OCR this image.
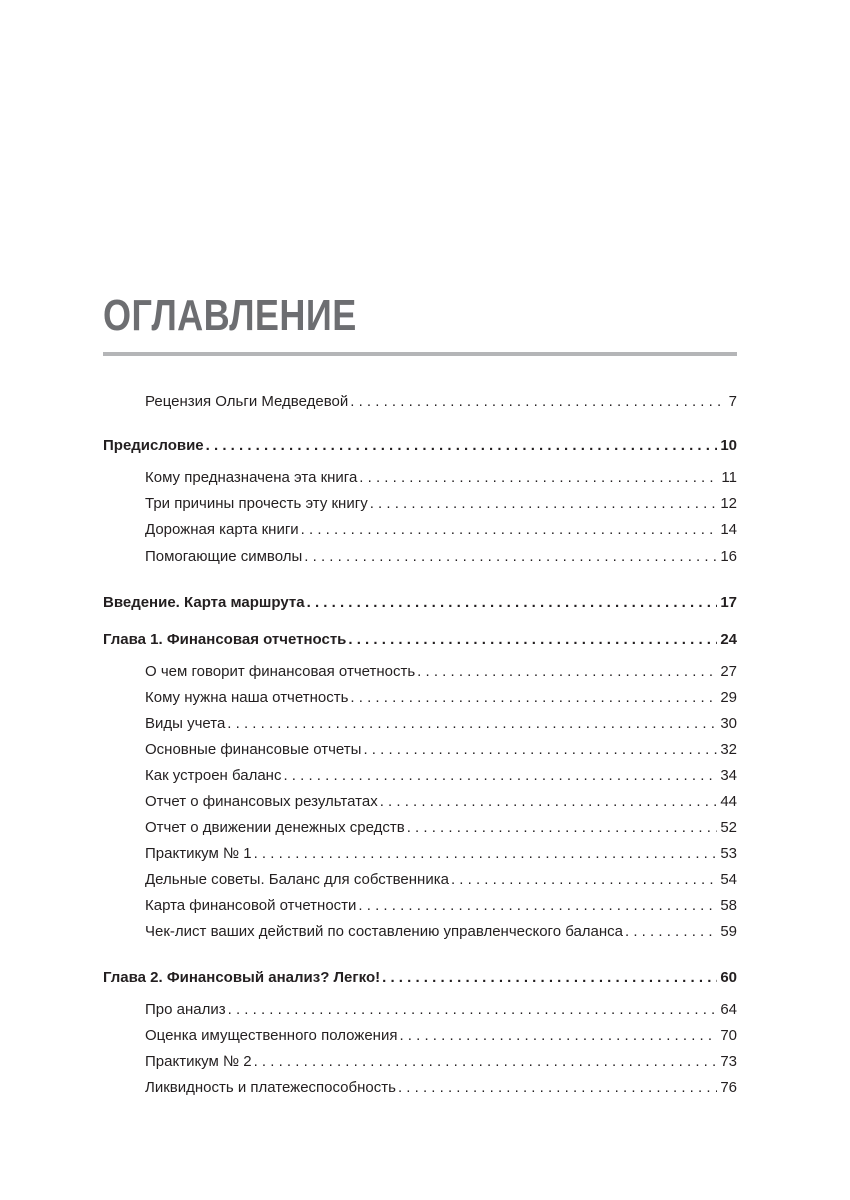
ОГЛАВЛЕНИЕ
Рецензия Ольги Медведевой . . .	7
Предисловие . . .	10
Кому предназначена эта книга . . .	11
Три причины прочесть эту книгу . . .	12
Дорожная карта книги . . .	14
Помогающие символы . . .	16
Введение. Карта маршрута . . .	17
Глава 1. Финансовая отчетность . . .	24
О чем говорит финансовая отчетность . . .	27
Кому нужна наша отчетность . . .	29
Виды учета . . .	30
Основные финансовые отчеты . . .	32
Как устроен баланс . . .	34
Отчет о финансовых результатах . . .	44
Отчет о движении денежных средств . . .	52
Практикум № 1 . . .	53
Дельные советы. Баланс для собственника . . .	54
Карта финансовой отчетности . . .	58
Чек-лист ваших действий по составлению управленческого баланса . . .	59
Глава 2. Финансовый анализ? Легко! . . .	60
Про анализ . . .	64
Оценка имущественного положения . . .	70
Практикум № 2 . . .	73
Ликвидность и платежеспособность . . .	76
